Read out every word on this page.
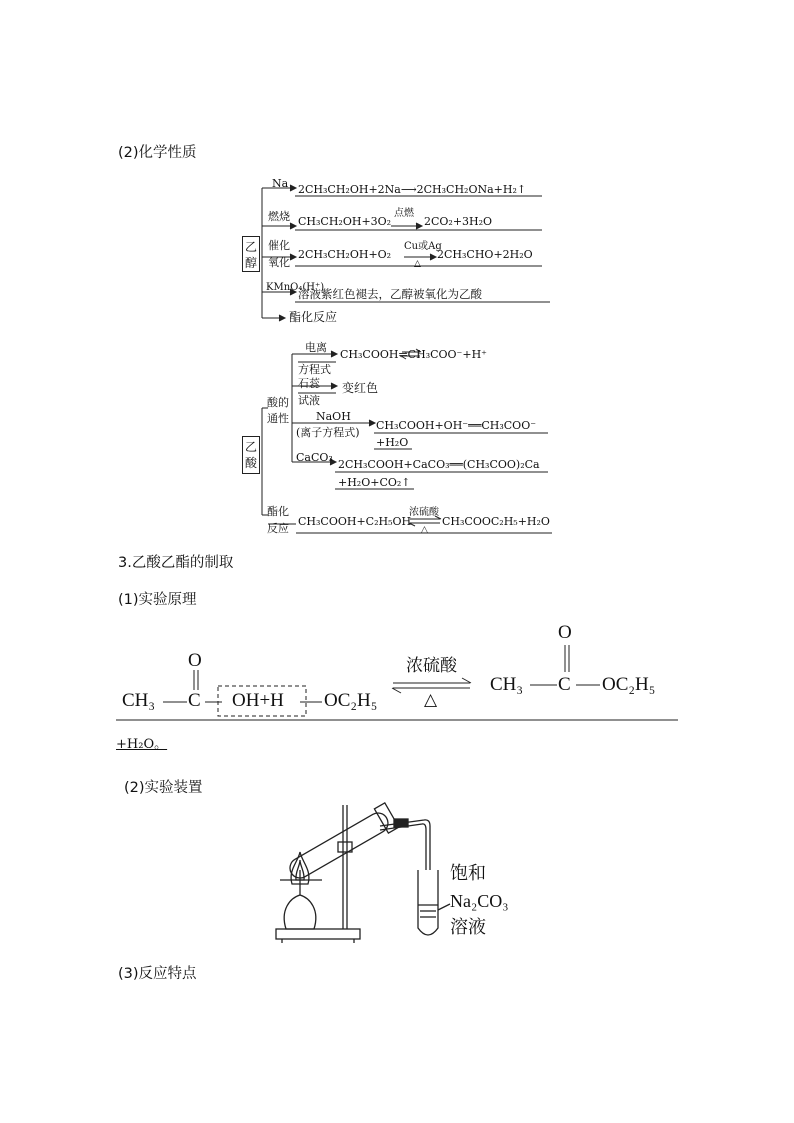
(2)化学性质
乙醇
Na 2CH₃CH₂OH+2Na⟶2CH₃CH₂ONa+H₂↑
燃烧 CH₃CH₂OH+3O₂
点燃
2CO₂+3H₂O
催化
氧化
2CH₃CH₂OH+O₂
Cu或Ag
△
2CH₃CHO+2H₂O
KMnO₄(H⁺)
溶液紫红色褪去，乙醇被氧化为乙酸
酯化反应
乙酸
酸的
通性
电离
方程式
CH₃COOH⇌CH₃COO⁻+H⁺
石蕊
试液
变红色
NaOH
(离子方程式)
CH₃COOH+OH⁻══CH₃COO⁻
+H₂O
CaCO₃
2CH₃COOH+CaCO₃══(CH₃COO)₂Ca
+H₂O+CO₂↑
酯化
反应
CH₃COOH+C₂H₅OH
浓硫酸
△
CH₃COOC₂H₅+H₂O
3.乙酸乙酯的制取
(1)实验原理
CH₃
O
C OH+H OC₂H₅
浓硫酸
△
O
CH₃ C OC₂H₅
+H₂O。
(2)实验装置
饱和
Na₂CO₃
溶液
(3)反应特点
